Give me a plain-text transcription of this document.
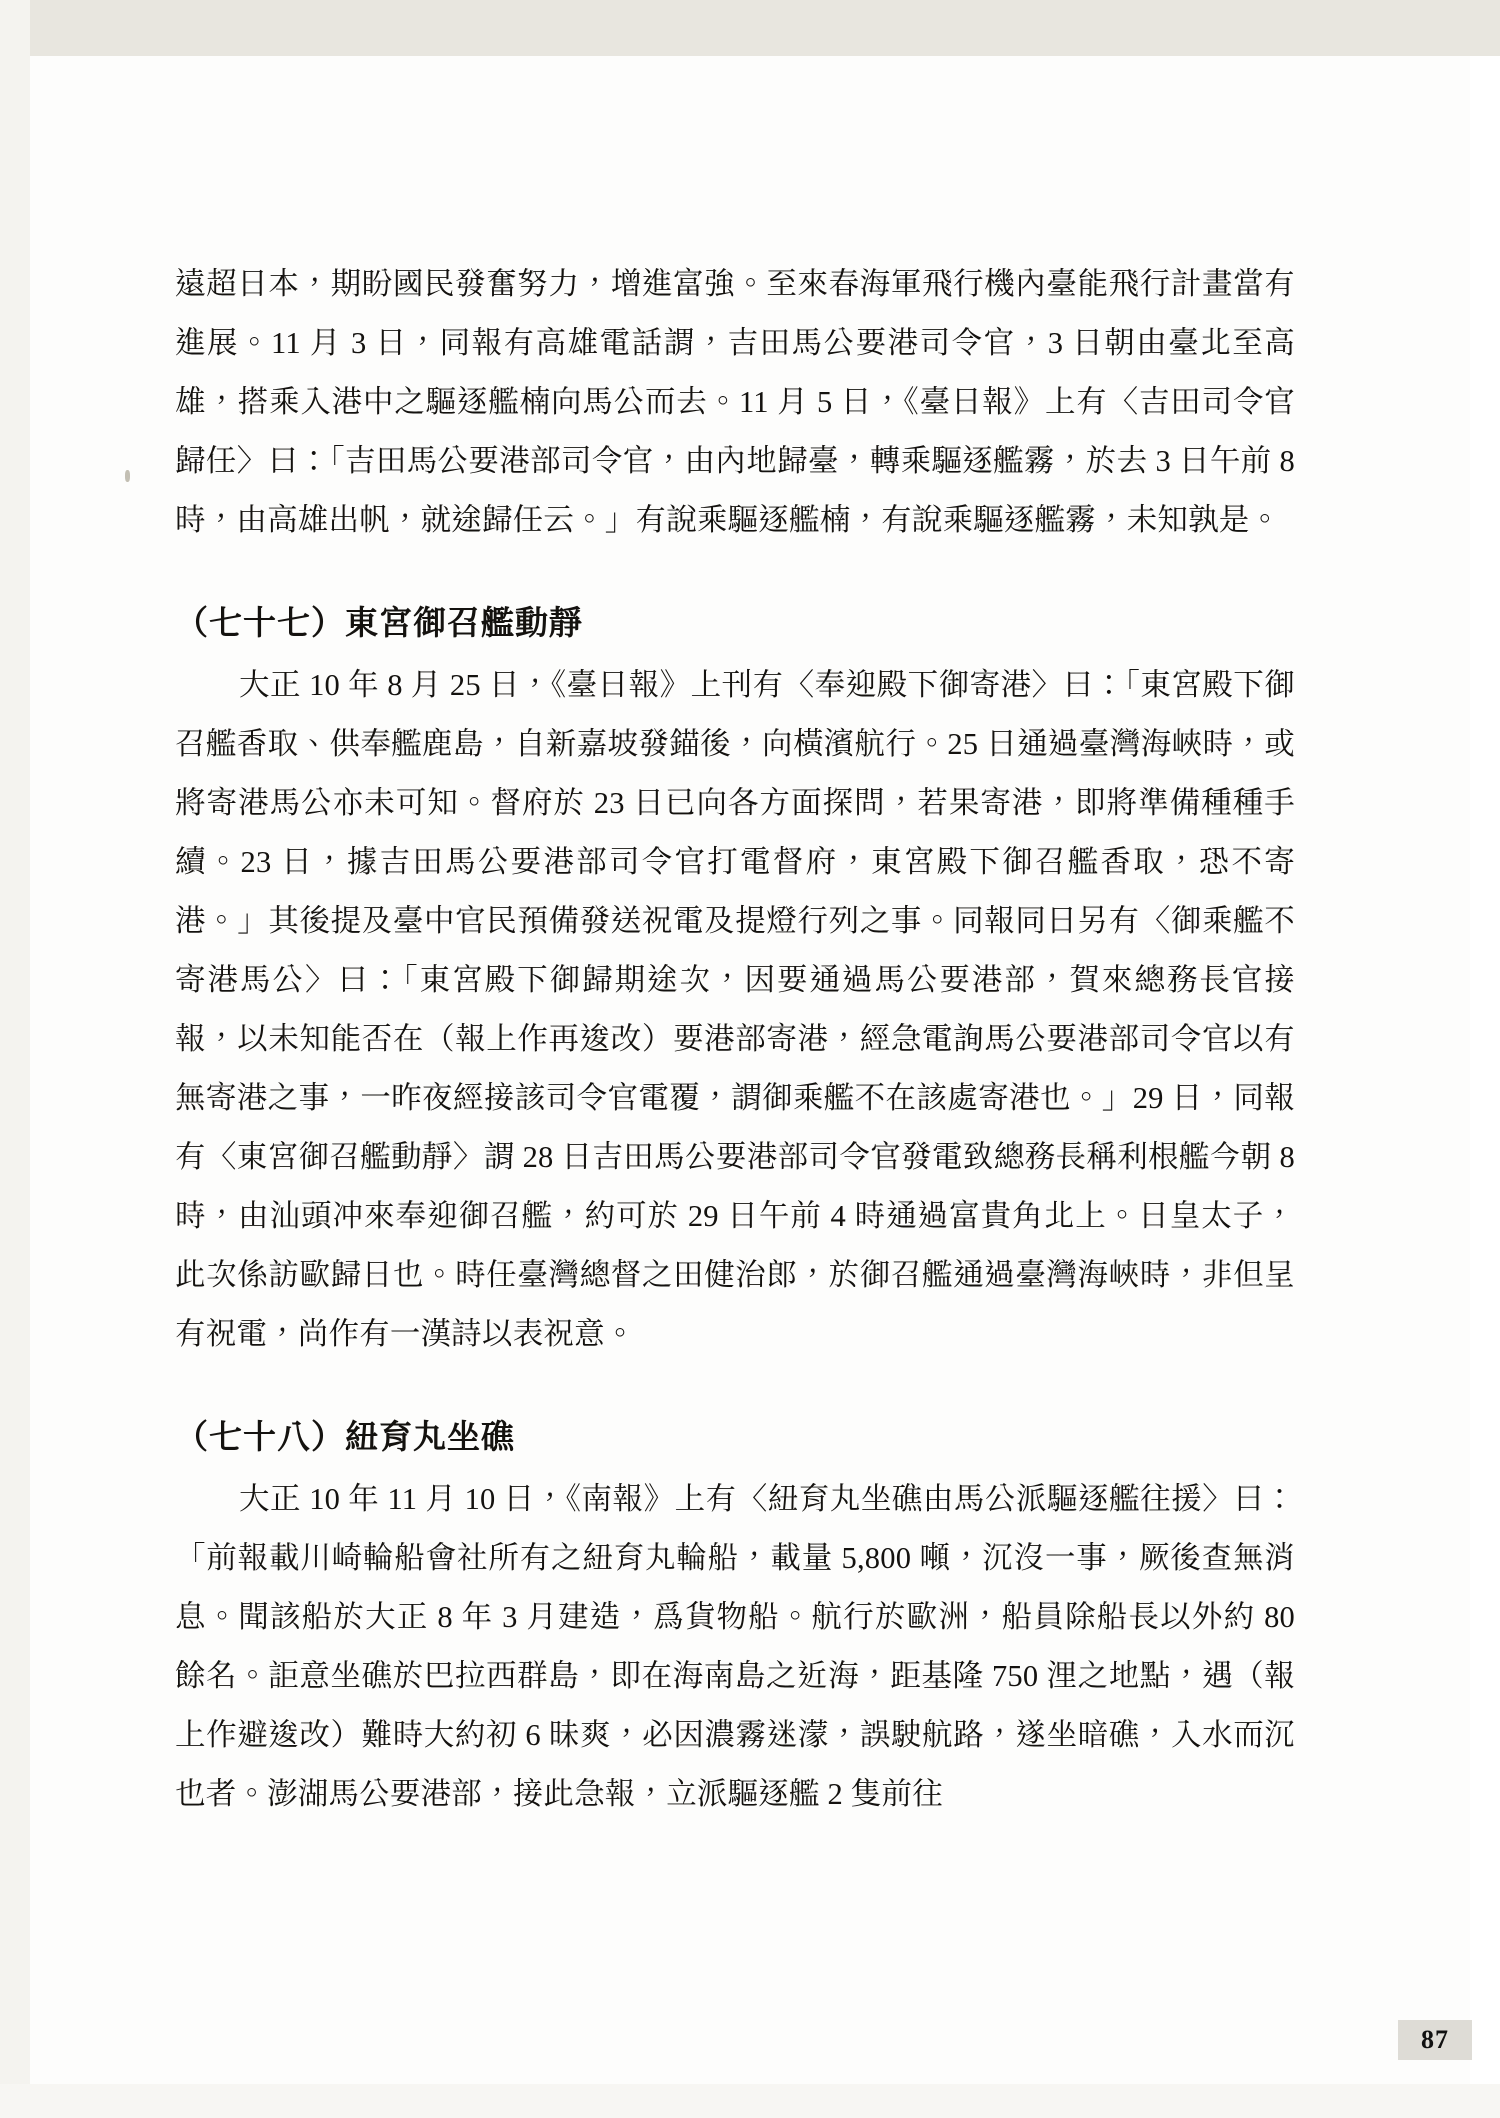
遠超日本，期盼國民發奮努力，增進富強。至來春海軍飛行機內臺能飛行計畫當有進展。11 月 3 日，同報有高雄電話謂，吉田馬公要港司令官，3 日朝由臺北至高雄，搭乘入港中之驅逐艦楠向馬公而去。11 月 5 日，《臺日報》上有〈吉田司令官歸任〉曰：「吉田馬公要港部司令官，由內地歸臺，轉乘驅逐艦霧，於去 3 日午前 8 時，由高雄出帆，就途歸任云。」有說乘驅逐艦楠，有說乘驅逐艦霧，未知孰是。

（七十七）東宮御召艦動靜

大正 10 年 8 月 25 日，《臺日報》上刊有〈奉迎殿下御寄港〉曰：「東宮殿下御召艦香取、供奉艦鹿島，自新嘉坡發錨後，向橫濱航行。25 日通過臺灣海峽時，或將寄港馬公亦未可知。督府於 23 日已向各方面探問，若果寄港，即將準備種種手續。23 日，據吉田馬公要港部司令官打電督府，東宮殿下御召艦香取，恐不寄港。」其後提及臺中官民預備發送祝電及提燈行列之事。同報同日另有〈御乘艦不寄港馬公〉曰：「東宮殿下御歸期途次，因要通過馬公要港部，賀來總務長官接報，以未知能否在（報上作再逡改）要港部寄港，經急電詢馬公要港部司令官以有無寄港之事，一昨夜經接該司令官電覆，謂御乘艦不在該處寄港也。」29 日，同報有〈東宮御召艦動靜〉謂 28 日吉田馬公要港部司令官發電致總務長稱利根艦今朝 8 時，由汕頭冲來奉迎御召艦，約可於 29 日午前 4 時通過富貴角北上。日皇太子，此次係訪歐歸日也。時任臺灣總督之田健治郎，於御召艦通過臺灣海峽時，非但呈有祝電，尚作有一漢詩以表祝意。

（七十八）紐育丸坐礁

大正 10 年 11 月 10 日，《南報》上有〈紐育丸坐礁由馬公派驅逐艦往援〉曰：「前報載川崎輪船會社所有之紐育丸輪船，載量 5,800 噸，沉沒一事，厥後查無消息。聞該船於大正 8 年 3 月建造，爲貨物船。航行於歐洲，船員除船長以外約 80 餘名。詎意坐礁於巴拉西群島，即在海南島之近海，距基隆 750 浬之地點，遇（報上作避逡改）難時大約初 6 昧爽，必因濃霧迷濛，誤駛航路，遂坐暗礁，入水而沉也者。澎湖馬公要港部，接此急報，立派驅逐艦 2 隻前往

87
